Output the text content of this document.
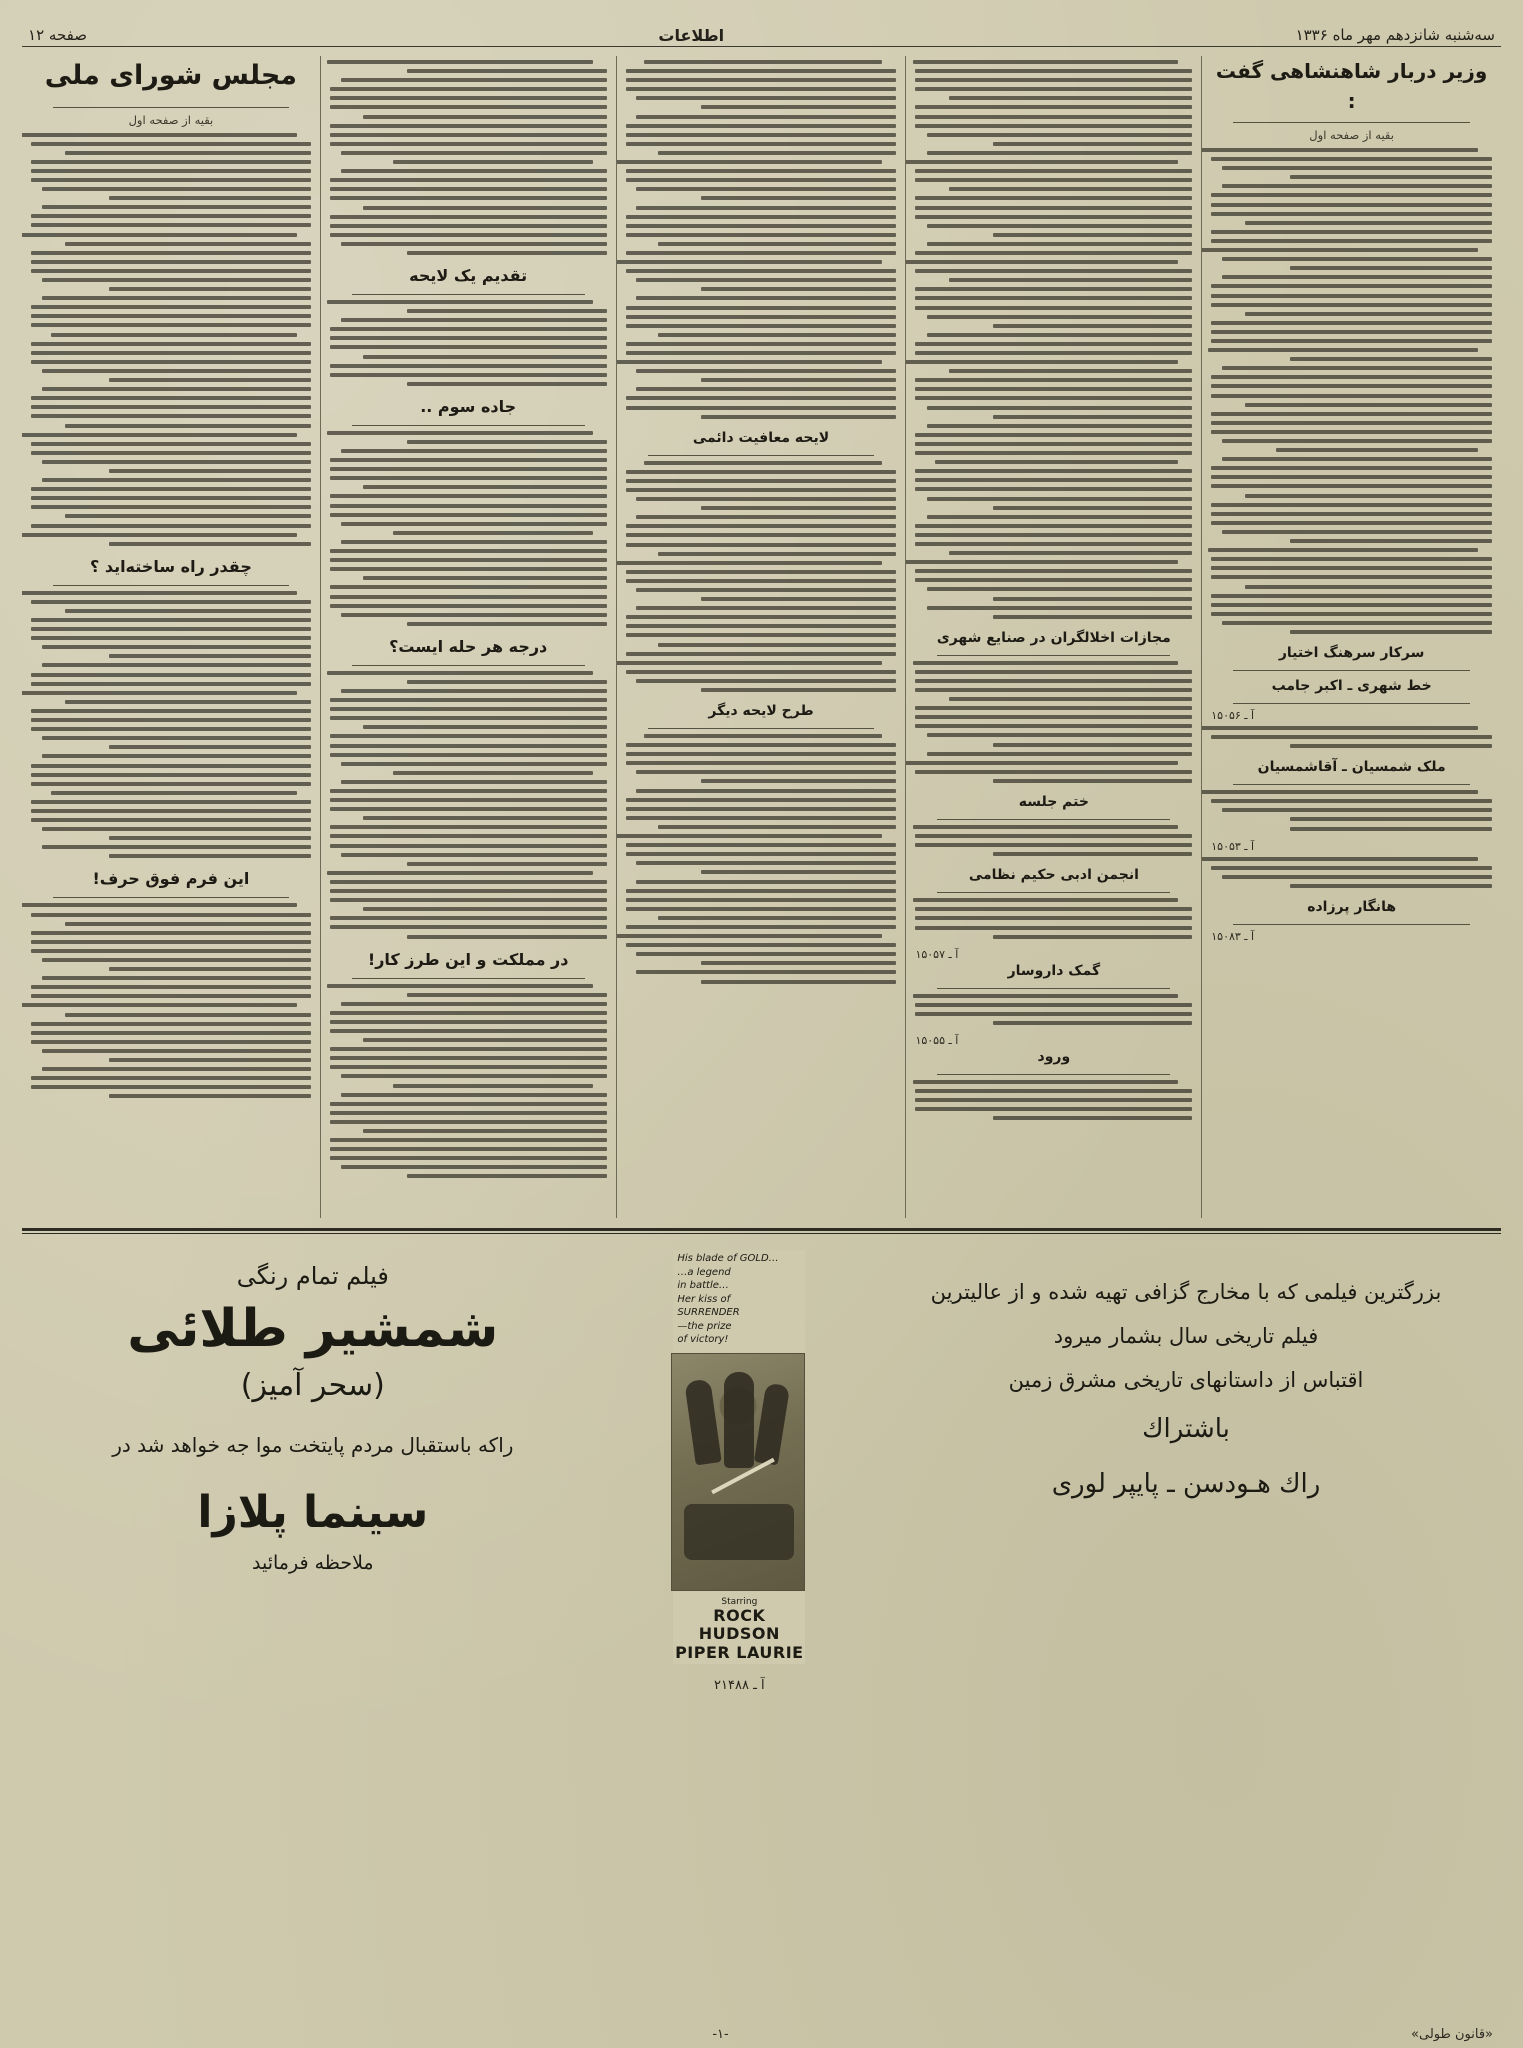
سه‌شنبه شانزدهم مهر ماه ۱۳۳۶
اطلاعات
صفحه ۱۲
وزیر دربار شاهنشاهی گفت :
بقیه از صفحه اول
سرکار سرهنگ اختیار
خط شهری ـ اکبر جامب
آ ـ ۱۵۰۵۶
ملک شمسیان ـ آقاشمسیان
آ ـ ۱۵۰۵۳
هانگار پرزاده
آ ـ ۱۵۰۸۳
مجازات اخلالگران در صنایع شهری
ختم جلسه
انجمن ادبی حکیم نظامی
آ ـ ۱۵۰۵۷
گمک داروسار
آ ـ ۱۵۰۵۵
ورود
لایحه معافیت دائمی
طرح لایحه دیگر
تقدیم یک لایحه
جاده سوم ..
درجه هر حله ایست؟
در مملکت و این طرز کار!
مجلس شورای ملی
بقیه از صفحه اول
چقدر راه ساخته‌اید ؟
این فرم فوق حرف!
بزرگترین فیلمی که با مخارج گزافی تهیه شده و از عالیترین
فیلم تاریخی سال بشمار میرود
اقتباس از داستانهای تاریخی مشرق زمین
باشتراك
راك هـودسن ـ پایپر لوری
His blade of GOLD…
…a legend
in battle…
Her kiss of
SURRENDER
—the prize
of victory!
Starring
ROCK HUDSON
PIPER LAURIE
آ ـ ۲۱۴۸۸
فیلم تمام رنگی
شمشیر طلائی
(سحر آمیز)
راکه باستقبال مردم پایتخت موا جه خواهد شد در
سینما پلازا
ملاحظه فرمائید
«قانون طولی»
-۱-
